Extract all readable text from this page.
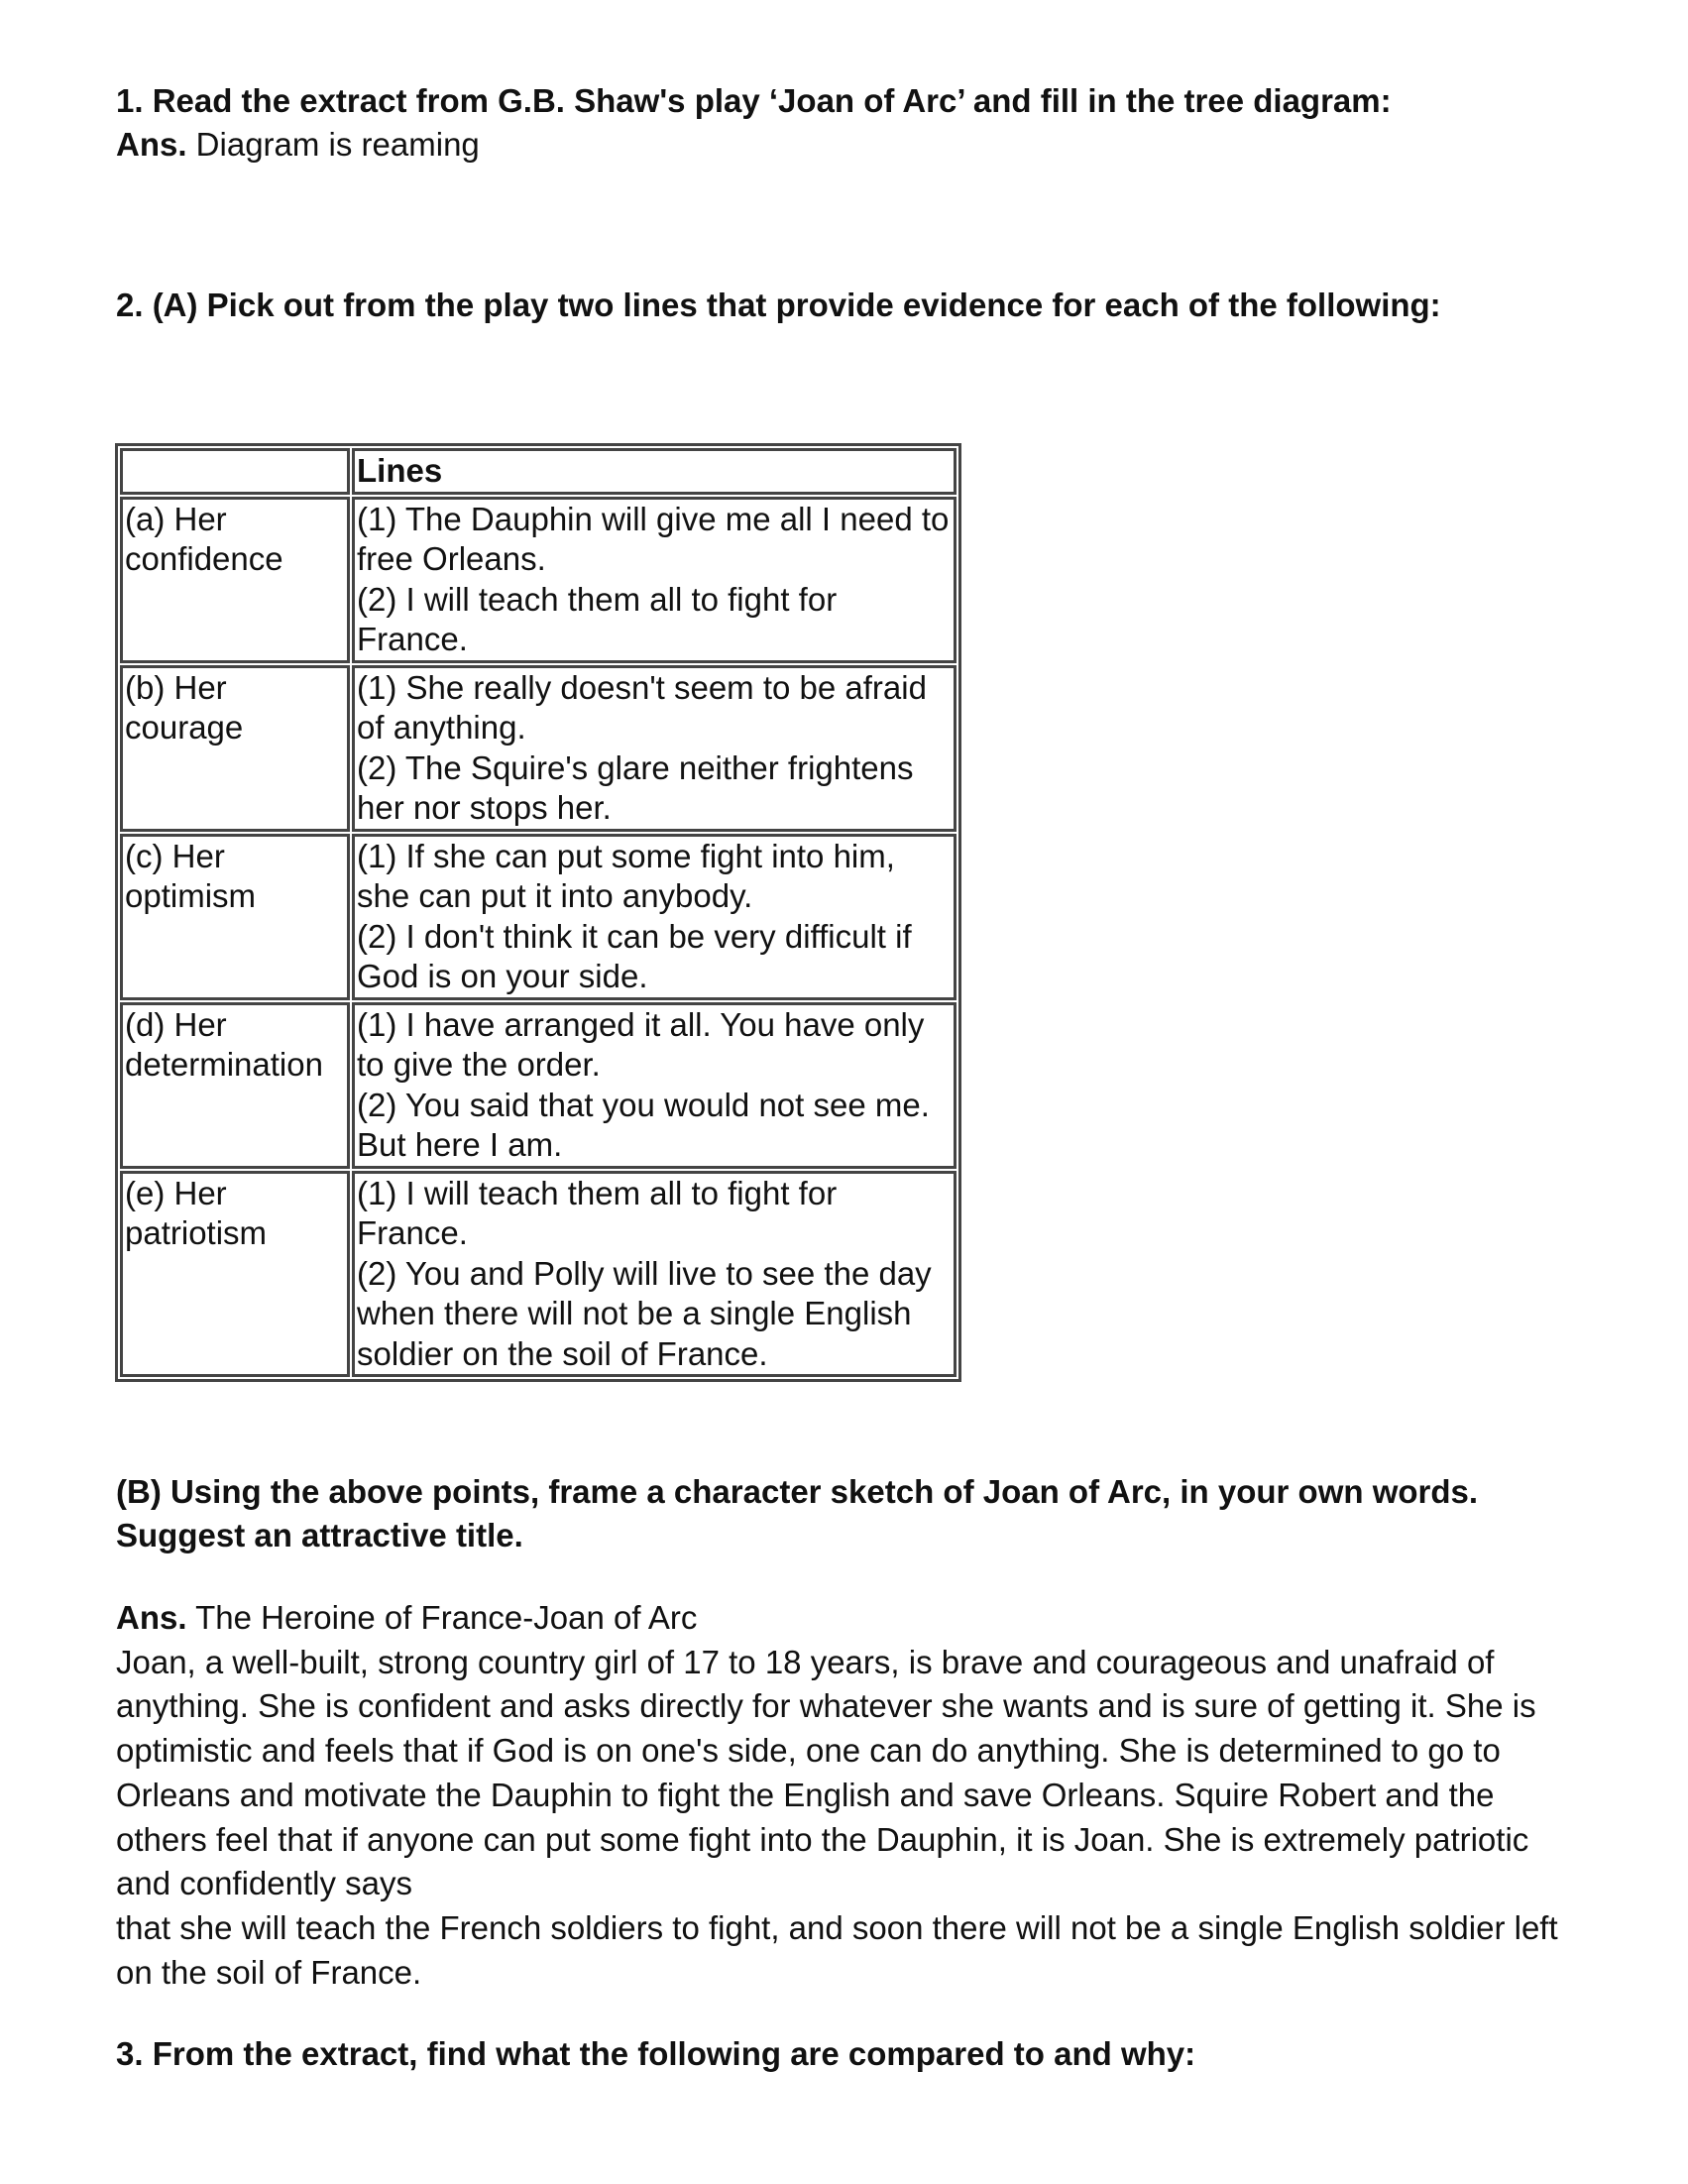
1. Read the extract from G.B. Shaw's play ‘Joan of Arc’ and fill in the tree diagram:

Ans. Diagram is reaming

2. (A) Pick out from the play two lines that provide evidence for each of the following:

	Lines
(a) Her confidence	(1) The Dauphin will give me all I need to free Orleans.
(2) I will teach them all to fight for France.

(b) Her courage	(1) She really doesn't seem to be afraid of anything.
(2) The Squire's glare neither frightens her nor stops her.

(c) Her optimism	(1) If she can put some fight into him, she can put it into anybody.
(2) I don't think it can be very difficult if God is on your side.

(d) Her determination	(1) I have arranged it all. You have only to give the order.
(2) You said that you would not see me. But here I am.

(e) Her patriotism	(1) I will teach them all to fight for France.
(2) You and Polly will live to see the day when there will not be a single English soldier on the soil of France.

(B) Using the above points, frame a character sketch of Joan of Arc, in your own words. Suggest an attractive title.

Ans. The Heroine of France-Joan of Arc

Joan, a well-built, strong country girl of 17 to 18 years, is brave and courageous and unafraid of anything. She is confident and asks directly for whatever she wants and is sure of getting it. She is optimistic and feels that if God is on one's side, one can do anything. She is determined to go to Orleans and motivate the Dauphin to fight the English and save Orleans. Squire Robert and the others feel that if anyone can put some fight into the Dauphin, it is Joan. She is extremely patriotic and confidently says

that she will teach the French soldiers to fight, and soon there will not be a single English soldier left on the soil of France.

3. From the extract, find what the following are compared to and why:
